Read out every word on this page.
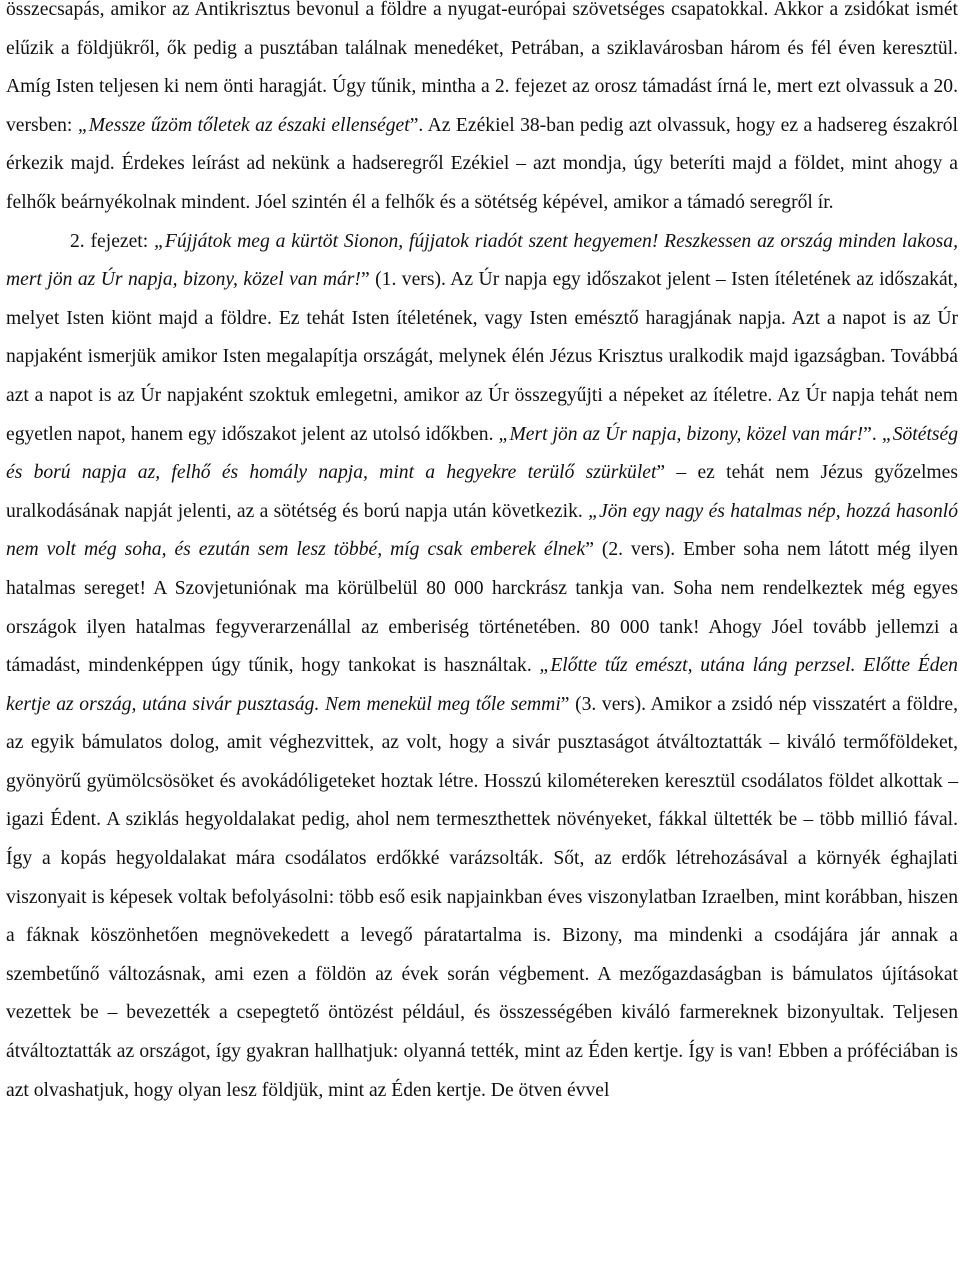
összecsapás, amikor az Antikrisztus bevonul a földre a nyugat-európai szövetséges csapatokkal. Akkor a zsidókat ismét elűzik a földjükről, ők pedig a pusztában találnak menedéket, Petrában, a sziklavárosban három és fél éven keresztül. Amíg Isten teljesen ki nem önti haragját. Úgy tűnik, mintha a 2. fejezet az orosz támadást írná le, mert ezt olvassuk a 20. versben: „Messze űzöm tőletek az északi ellenséget”. Az Ezékiel 38-ban pedig azt olvassuk, hogy ez a hadsereg északról érkezik majd. Érdekes leírást ad nekünk a hadseregről Ezékiel – azt mondja, úgy beteríti majd a földet, mint ahogy a felhők beárnyékolnak mindent. Jóel szintén él a felhők és a sötétség képével, amikor a támadó seregről ír.

2. fejezet: „Fújjátok meg a kürtöt Sionon, fújjatok riadót szent hegyemen! Reszkessen az ország minden lakosa, mert jön az Úr napja, bizony, közel van már!” (1. vers). Az Úr napja egy időszakot jelent – Isten ítéletének az időszakát, melyet Isten kiönt majd a földre. Ez tehát Isten ítéletének, vagy Isten emésztő haragjának napja. Azt a napot is az Úr napjaként ismerjük amikor Isten megalapítja országát, melynek élén Jézus Krisztus uralkodik majd igazságban. Továbbá azt a napot is az Úr napjaként szoktuk emlegetni, amikor az Úr összegyűjti a népeket az ítéletre. Az Úr napja tehát nem egyetlen napot, hanem egy időszakot jelent az utolsó időkben. „Mert jön az Úr napja, bizony, közel van már!”. „Sötétség és ború napja az, felhő és homály napja, mint a hegyekre terülő szürkület” – ez tehát nem Jézus győzelmes uralkodásának napját jelenti, az a sötétség és ború napja után következik. „Jön egy nagy és hatalmas nép, hozzá hasonló nem volt még soha, és ezután sem lesz többé, míg csak emberek élnek” (2. vers). Ember soha nem látott még ilyen hatalmas sereget! A Szovjetuniónak ma körülbelül 80 000 harckrász tankja van. Soha nem rendelkeztek még egyes országok ilyen hatalmas fegyverarzenállal az emberiség történetében. 80 000 tank! Ahogy Jóel tovább jellemzi a támadást, mindenképpen úgy tűnik, hogy tankokat is használtak. „Előtte tűz emészt, utána láng perzsel. Előtte Éden kertje az ország, utána sivár pusztaság. Nem menekül meg tőle semmi” (3. vers). Amikor a zsidó nép visszatért a földre, az egyik bámulatos dolog, amit véghezvittek, az volt, hogy a sivár pusztaságot átváltoztatták – kiváló termőföldeket, gyönyörű gyümölcsösöket és avokádóligeteket hoztak létre. Hosszú kilométereken keresztül csodálatos földet alkottak – igazi Édent. A sziklás hegyoldalakat pedig, ahol nem termeszthettek növényeket, fákkal ültették be – több millió fával. Így a kopás hegyoldalakat mára csodálatos erdőkké varázsolták. Sőt, az erdők létrehozásával a környék éghajlati viszonyait is képesek voltak befolyásolni: több eső esik napjainkban éves viszonylatban Izraelben, mint korábban, hiszen a fáknak köszönhetően megnövekedett a levegő páratartalma is. Bizony, ma mindenki a csodájára jár annak a szembetűnő változásnak, ami ezen a földön az évek során végbement. A mezőgazdaságban is bámulatos újításokat vezettek be – bevezették a csepegtető öntözést például, és összességében kiváló farmereknek bizonyultak. Teljesen átváltoztatták az országot, így gyakran hallhatjuk: olyanná tették, mint az Éden kertje. Így is van! Ebben a próféciában is azt olvashatjuk, hogy olyan lesz földjük, mint az Éden kertje. De ötven évvel
